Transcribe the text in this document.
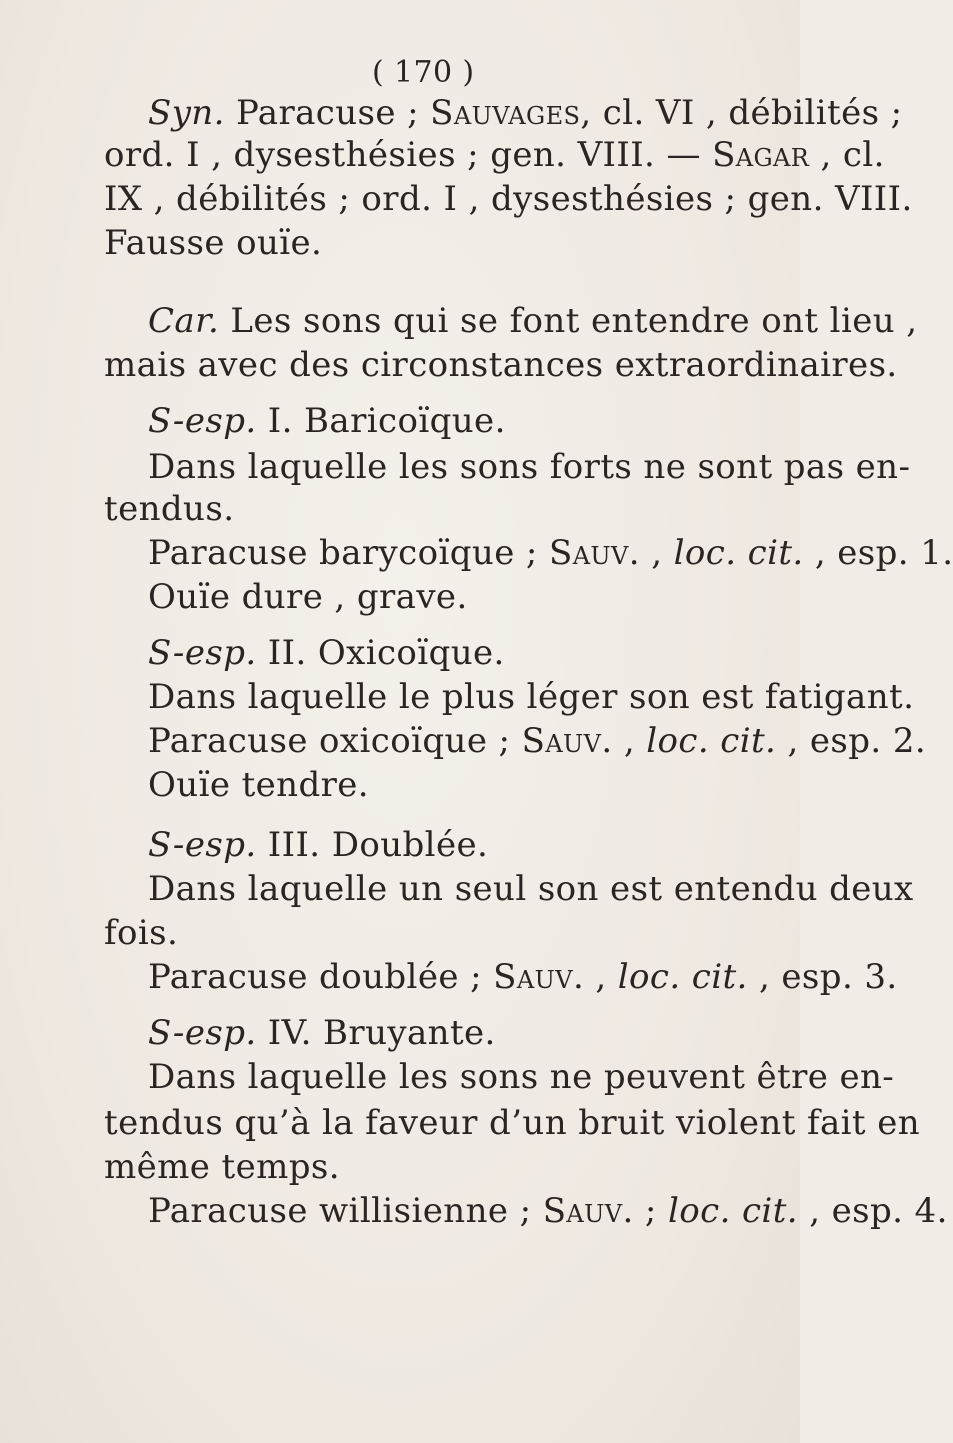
( 170 )
Syn. Paracuse ; Sauvages, cl. VI , débilités ;
ord. I , dysesthésies ; gen. VIII. — Sagar , cl.
IX , débilités ; ord. I , dysesthésies ; gen. VIII.
Fausse ouïe.
Car. Les sons qui se font entendre ont lieu ,
mais avec des circonstances extraordinaires.
S-esp. I. Baricoïque.
Dans laquelle les sons forts ne sont pas en-
tendus.
Paracuse barycoïque ; Sauv. , loc. cit. , esp. 1.
Ouïe dure , grave.
S-esp. II. Oxicoïque.
Dans laquelle le plus léger son est fatigant.
Paracuse oxicoïque ; Sauv. , loc. cit. , esp. 2.
Ouïe tendre.
S-esp. III. Doublée.
Dans laquelle un seul son est entendu deux
fois.
Paracuse doublée ; Sauv. , loc. cit. , esp. 3.
S-esp. IV. Bruyante.
Dans laquelle les sons ne peuvent être en-
tendus qu’à la faveur d’un bruit violent fait en
même temps.
Paracuse willisienne ; Sauv. ; loc. cit. , esp. 4.
